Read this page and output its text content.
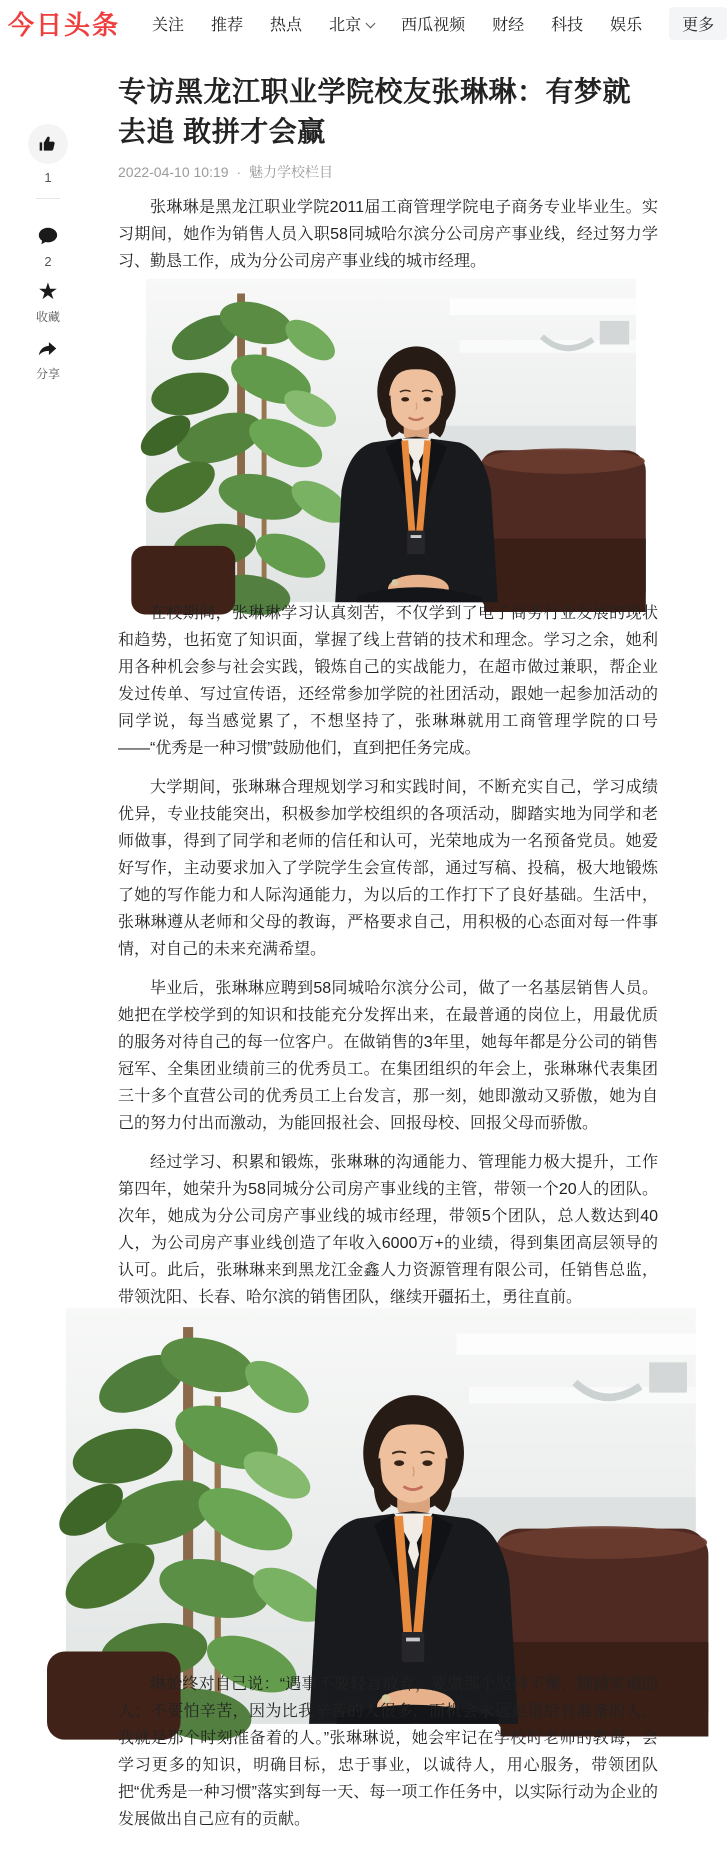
今日头条 关注 推荐 热点 北京	西瓜视频 财经 科技 娱乐	更多
1
2
★
收藏
分享
专访黑龙江职业学院校友张琳琳：有梦就去追 敢拼才会赢
2022-04-10 10:19 · 魅力学校栏目

张琳琳是黑龙江职业学院2011届工商管理学院电子商务专业毕业生。实习期间，她作为销售人员入职58同城哈尔滨分公司房产事业线，经过努力学习、勤恳工作，成为分公司房产事业线的城市经理。

在校期间，张琳琳学习认真刻苦，不仅学到了电子商务行业发展的现状和趋势，也拓宽了知识面，掌握了线上营销的技术和理念。学习之余，她利用各种机会参与社会实践，锻炼自己的实战能力，在超市做过兼职，帮企业发过传单、写过宣传语，还经常参加学院的社团活动，跟她一起参加活动的同学说，每当感觉累了，不想坚持了，张琳琳就用工商管理学院的口号——“优秀是一种习惯”鼓励他们，直到把任务完成。

大学期间，张琳琳合理规划学习和实践时间，不断充实自己，学习成绩优异，专业技能突出，积极参加学校组织的各项活动，脚踏实地为同学和老师做事，得到了同学和老师的信任和认可，光荣地成为一名预备党员。她爱好写作，主动要求加入了学院学生会宣传部，通过写稿、投稿，极大地锻炼了她的写作能力和人际沟通能力，为以后的工作打下了良好基础。生活中，张琳琳遵从老师和父母的教诲，严格要求自己，用积极的心态面对每一件事情，对自己的未来充满希望。

毕业后，张琳琳应聘到58同城哈尔滨分公司，做了一名基层销售人员。她把在学校学到的知识和技能充分发挥出来，在最普通的岗位上，用最优质的服务对待自己的每一位客户。在做销售的3年里，她每年都是分公司的销售冠军、全集团业绩前三的优秀员工。在集团组织的年会上，张琳琳代表集团三十多个直营公司的优秀员工上台发言，那一刻，她即激动又骄傲，她为自己的努力付出而激动，为能回报社会、回报母校、回报父母而骄傲。

经过学习、积累和锻炼，张琳琳的沟通能力、管理能力极大提升，工作第四年，她荣升为58同城分公司房产事业线的主管，带领一个20人的团队。次年，她成为分公司房产事业线的城市经理，带领5个团队，总人数达到40人，为公司房产事业线创造了年收入6000万+的业绩，得到集团高层领导的认可。此后，张琳琳来到黑龙江金鑫人力资源管理有限公司，任销售总监，带领沈阳、长春、哈尔滨的销售团队，继续开疆拓土，勇往直前。

琳始终对自己说：“遇事不要轻言放弃，要做那个坚持不懈、脚踏实地的人；不要怕辛苦，因为比我辛苦的人很多，而机会永远是留给有准备的人，我就是那个时刻准备着的人。”张琳琳说，她会牢记在学校时老师的教诲，会学习更多的知识，明确目标，忠于事业，以诚待人，用心服务，带领团队把“优秀是一种习惯”落实到每一天、每一项工作任务中，以实际行动为企业的发展做出自己应有的贡献。
